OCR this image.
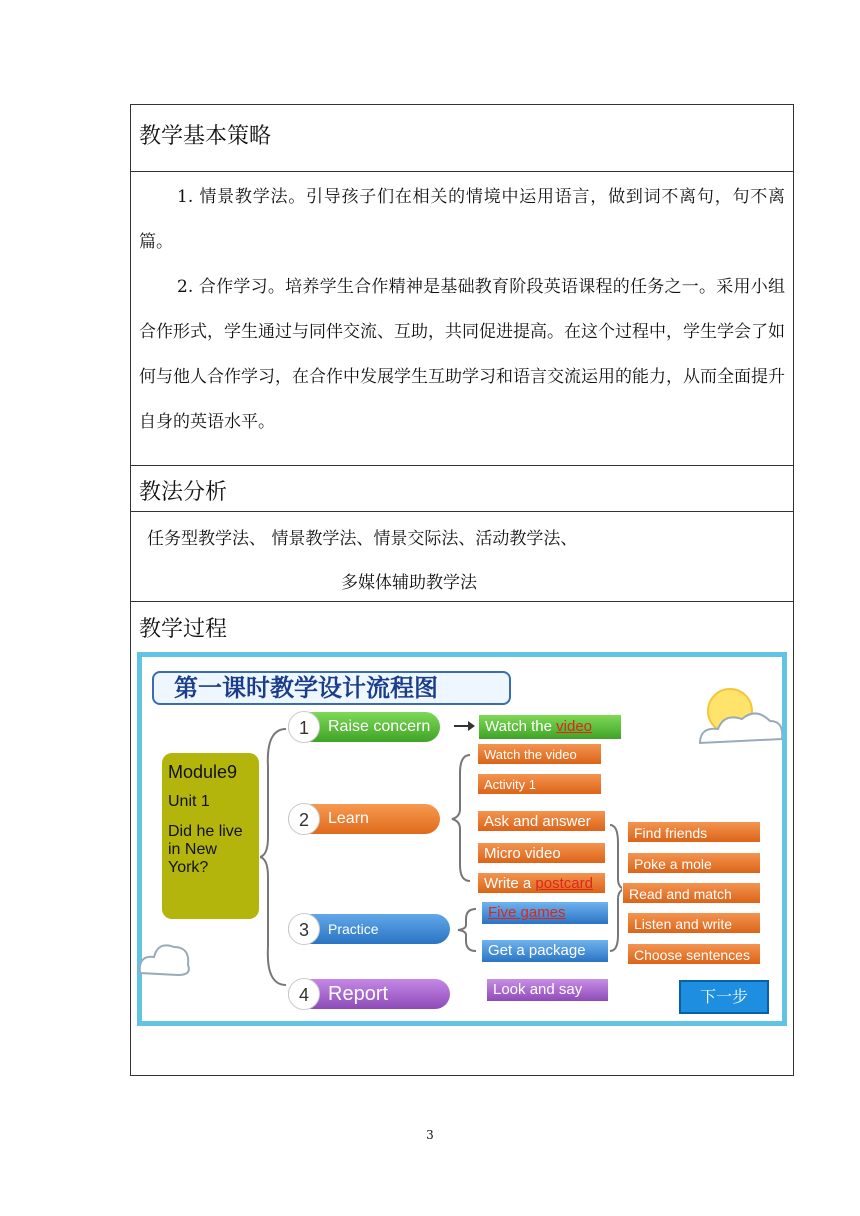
教学基本策略

1. 情景教学法。引导孩子们在相关的情境中运用语言，做到词不离句，句不离篇。

2. 合作学习。培养学生合作精神是基础教育阶段英语课程的任务之一。采用小组合作形式，学生通过与同伴交流、互助，共同促进提高。在这个过程中，学生学会了如何与他人合作学习，在合作中发展学生互助学习和语言交流运用的能力，从而全面提升自身的英语水平。

教法分析
任务型教学法、 情景教学法、情景交际法、活动教学法、
多媒体辅助教学法
教学过程
第一课时教学设计流程图
Module9
Unit 1
Did he live in New York?
1	Raise concern
2	Learn
3	Practice
4 Report
Watch the video
Watch the video
Activity 1
Ask and answer
Micro video
Write a postcard
Five games
Get a package
Look and say
Find friends
Poke a mole
Read and match
Listen and write
Choose sentences
下一步
3
